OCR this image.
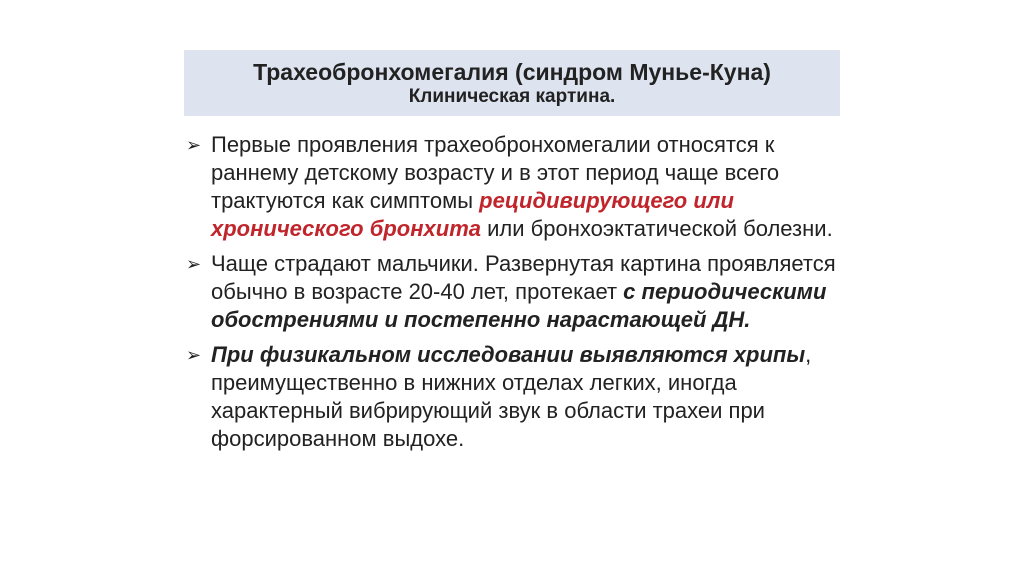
Трахеобронхомегалия (синдром Мунье-Куна)
Клиническая картина.
➢ Первые проявления трахеобронхомегалии относятся к раннему детскому возрасту и в этот период чаще всего трактуются как симптомы рецидивирующего или хронического бронхита или бронхоэктатической болезни.
➢ Чаще страдают мальчики. Развернутая картина проявляется обычно в возрасте 20-40 лет, протекает с периодическими обострениями и постепенно нарастающей ДН.
➢ При физикальном исследовании выявляются хрипы, преимущественно в нижних отделах легких, иногда характерный вибрирующий звук в области трахеи при форсированном выдохе.
